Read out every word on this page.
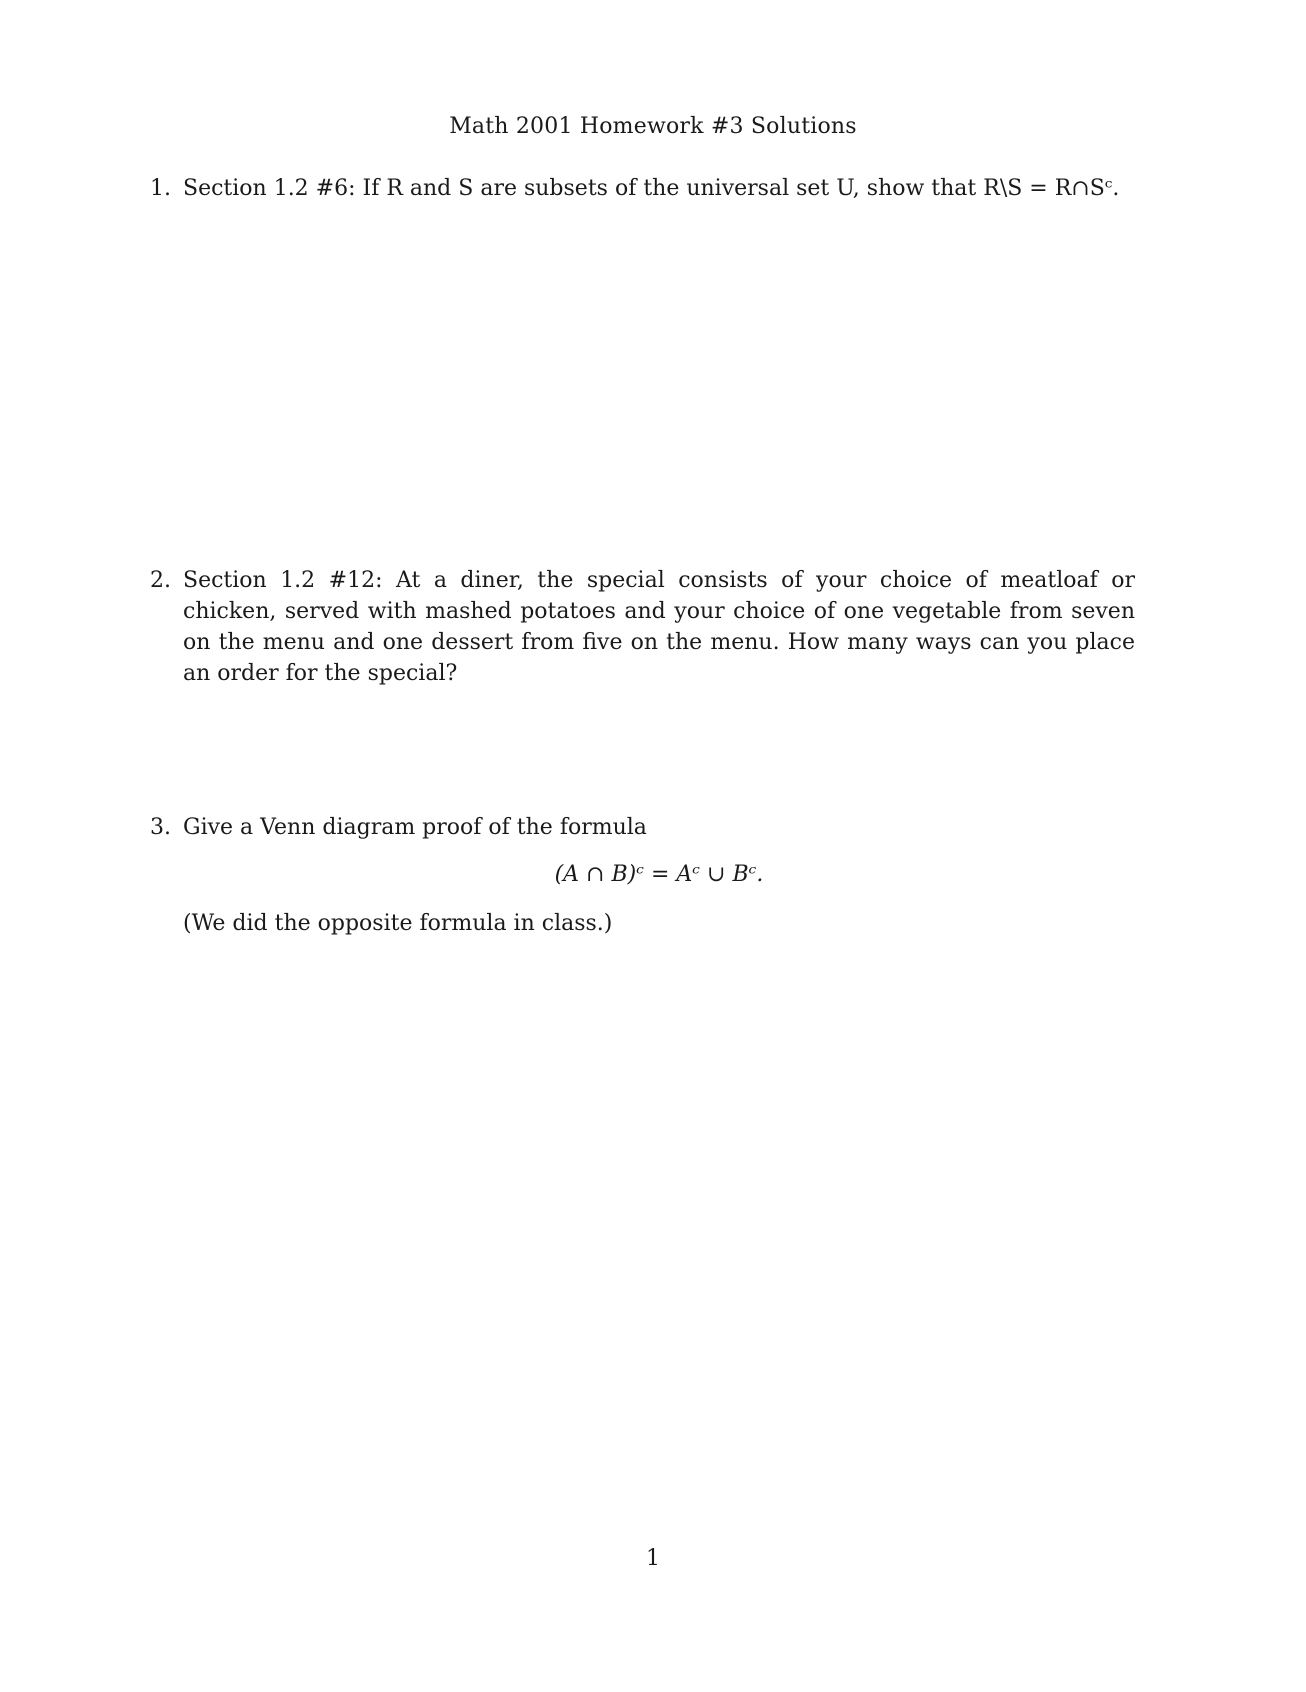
Math 2001 Homework #3 Solutions
1. Section 1.2 #6: If R and S are subsets of the universal set U, show that R\S = R∩Sᶜ.
2. Section 1.2 #12: At a diner, the special consists of your choice of meatloaf or chicken, served with mashed potatoes and your choice of one vegetable from seven on the menu and one dessert from five on the menu. How many ways can you place an order for the special?
3. Give a Venn diagram proof of the formula
(A ∩ B)ᶜ = Aᶜ ∪ Bᶜ.
(We did the opposite formula in class.)
1
